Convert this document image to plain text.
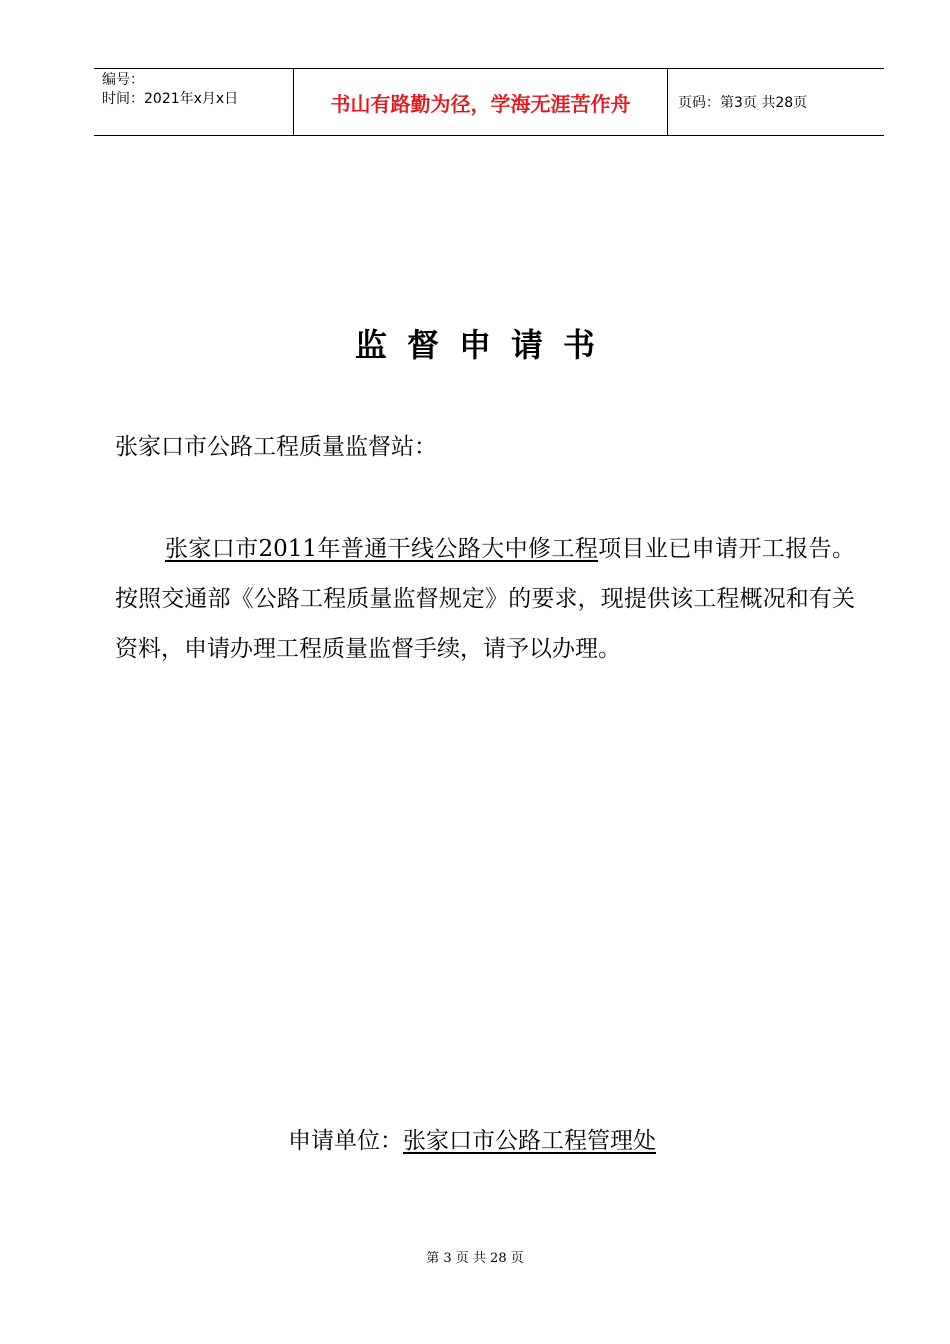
编号：
时间：2021年x月x日	书山有路勤为径，学海无涯苦作舟	页码：第3页 共28页
监督申请书
张家口市公路工程质量监督站：
张家口市2011年普通干线公路大中修工程项目业已申请开工报告。按照交通部《公路工程质量监督规定》的要求，现提供该工程概况和有关资料，申请办理工程质量监督手续，请予以办理。
申请单位：张家口市公路工程管理处
第 3 页 共 28 页
